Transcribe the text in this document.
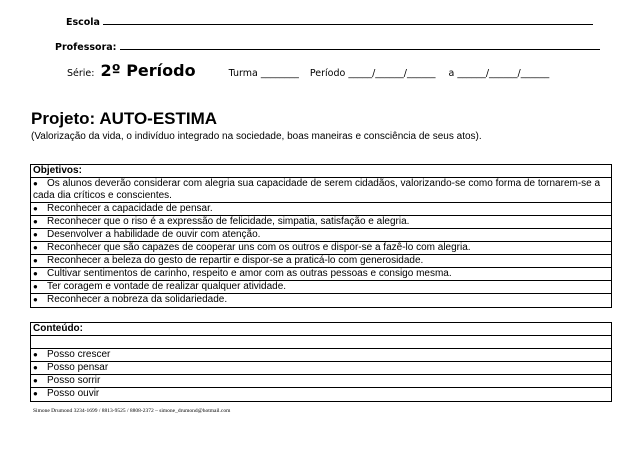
Escola
Professora:
Série: 2º Período	Turma ________ Período _____/______/______ a ______/______/______
Projeto: AUTO-ESTIMA
(Valorização da vida, o indivíduo integrado na sociedade, boas maneiras e consciência de seus atos).
Objetivos:
● Os alunos deverão considerar com alegria sua capacidade de serem cidadãos, valorizando-se como forma de tornarem-se a cada dia críticos e conscientes.
● Reconhecer a capacidade de pensar.
● Reconhecer que o riso é a expressão de felicidade, simpatia, satisfação e alegria.
● Desenvolver a habilidade de ouvir com atenção.
● Reconhecer que são capazes de cooperar uns com os outros e dispor-se a fazê-lo com alegria.
● Reconhecer a beleza do gesto de repartir e dispor-se a praticá-lo com generosidade.
● Cultivar sentimentos de carinho, respeito e amor com as outras pessoas e consigo mesma.
● Ter coragem e vontade de realizar qualquer atividade.
● Reconhecer a nobreza da solidariedade.
Conteúdo:
● Posso crescer
● Posso pensar
● Posso sorrir
● Posso ouvir
Simone Drumond 3234-1699 / 8813-9525 / 8808-2372 – simone_drumond@hotmail.com
